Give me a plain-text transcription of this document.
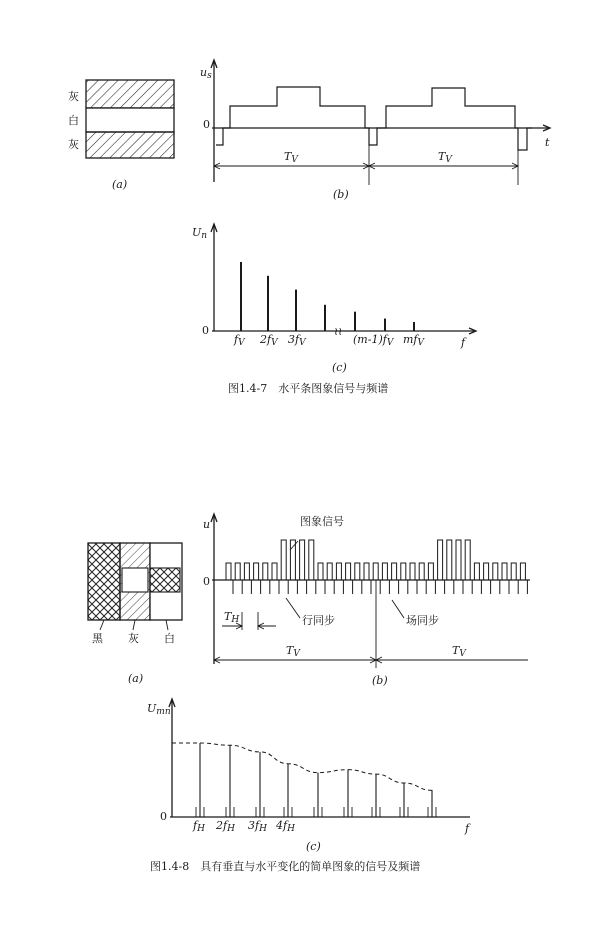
灰
白
灰
(a)
us
0
t
TV	TV
(b)
Un
0
f
≀≀
fV 2fV 3fV	(m-1)fV mfV
(c)
图1.4-7　水平条图象信号与频谱
黑 灰 白
(a)
u
0
图象信号
行同步	场同步
TH
TV	TV
(b)
Umn
0
f
fH 2fH 3fH 4fH
(c)
图1.4-8　具有垂直与水平变化的简单图象的信号及频谱
